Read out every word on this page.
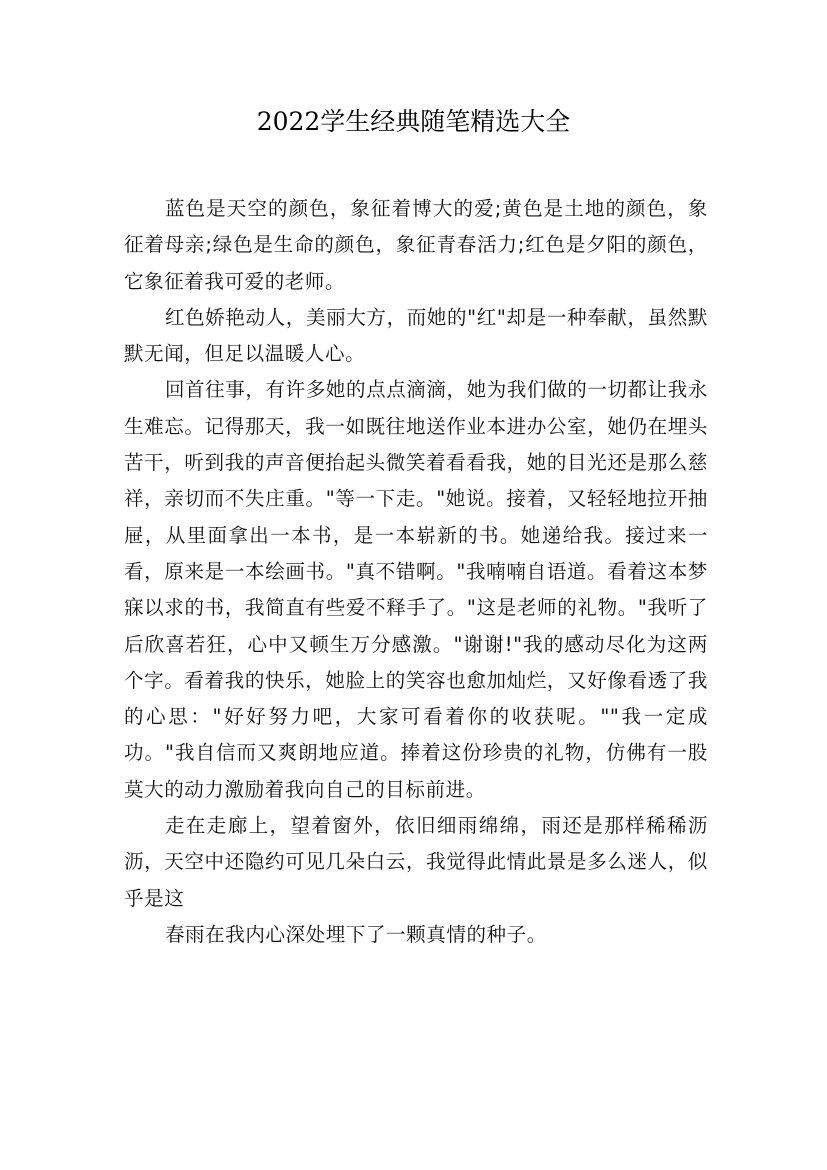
2022学生经典随笔精选大全

蓝色是天空的颜色，象征着博大的爱;黄色是土地的颜色，象征着母亲;绿色是生命的颜色，象征青春活力;红色是夕阳的颜色，它象征着我可爱的老师。

红色娇艳动人，美丽大方，而她的"红"却是一种奉献，虽然默默无闻，但足以温暖人心。

回首往事，有许多她的点点滴滴，她为我们做的一切都让我永生难忘。记得那天，我一如既往地送作业本进办公室，她仍在埋头苦干，听到我的声音便抬起头微笑着看看我，她的目光还是那么慈祥，亲切而不失庄重。"等一下走。"她说。接着，又轻轻地拉开抽屉，从里面拿出一本书，是一本崭新的书。她递给我。接过来一看，原来是一本绘画书。"真不错啊。"我喃喃自语道。看着这本梦寐以求的书，我简直有些爱不释手了。"这是老师的礼物。"我听了后欣喜若狂，心中又顿生万分感激。"谢谢!"我的感动尽化为这两个字。看着我的快乐，她脸上的笑容也愈加灿烂，又好像看透了我的心思："好好努力吧，大家可看着你的收获呢。""我一定成功。"我自信而又爽朗地应道。捧着这份珍贵的礼物，仿佛有一股莫大的动力激励着我向自己的目标前进。

走在走廊上，望着窗外，依旧细雨绵绵，雨还是那样稀稀沥沥，天空中还隐约可见几朵白云，我觉得此情此景是多么迷人，似乎是这

春雨在我内心深处埋下了一颗真情的种子。
